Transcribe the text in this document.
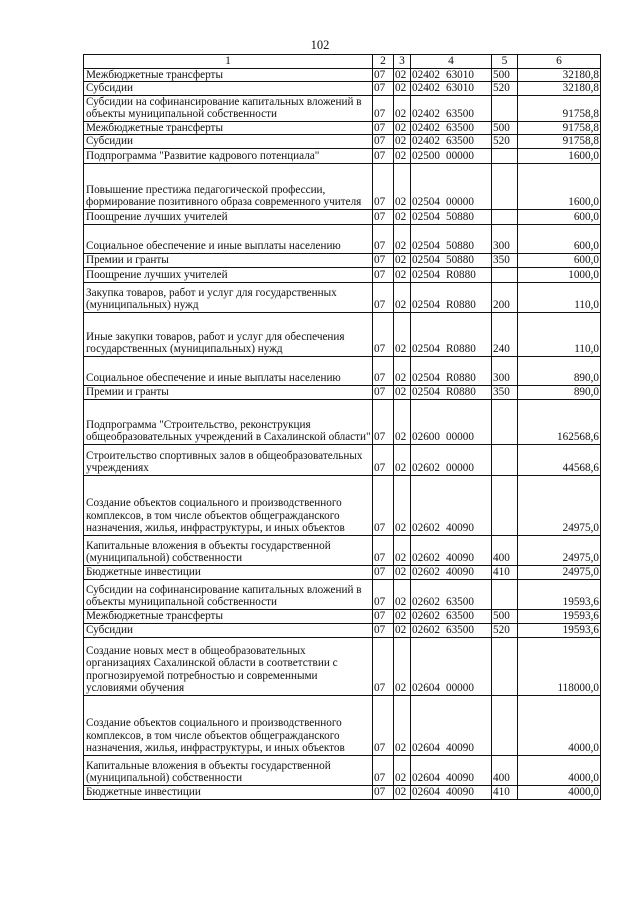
102
1	2	3	4	5	6
Межбюджетные трансферты	07	02	02402 63010	500	32180,8
Субсидии	07	02	02402 63010	520	32180,8
Субсидии на софинансирование капитальных вложений в объекты муниципальной собственности	07	02	02402 63500		91758,8
Межбюджетные трансферты	07	02	02402 63500	500	91758,8
Субсидии	07	02	02402 63500	520	91758,8
Подпрограмма "Развитие кадрового потенциала"	07	02	02500 00000		1600,0
Повышение престижа педагогической профессии, формирование позитивного образа современного учителя	07	02	02504 00000		1600,0
Поощрение лучших учителей	07	02	02504 50880		600,0
Социальное обеспечение и иные выплаты населению	07	02	02504 50880	300	600,0
Премии и гранты	07	02	02504 50880	350	600,0
Поощрение лучших учителей	07	02	02504 R0880		1000,0
Закупка товаров, работ и услуг для государственных (муниципальных) нужд	07	02	02504 R0880	200	110,0
Иные закупки товаров, работ и услуг для обеспечения государственных (муниципальных) нужд	07	02	02504 R0880	240	110,0
Социальное обеспечение и иные выплаты населению	07	02	02504 R0880	300	890,0
Премии и гранты	07	02	02504 R0880	350	890,0
Подпрограмма "Строительство, реконструкция общеобразовательных учреждений в Сахалинской области"	07	02	02600 00000		162568,6
Строительство спортивных залов в общеобразовательных учреждениях	07	02	02602 00000		44568,6
Создание объектов социального и производственного комплексов, в том числе объектов общегражданского назначения, жилья, инфраструктуры, и иных объектов	07	02	02602 40090		24975,0
Капитальные вложения в объекты государственной (муниципальной) собственности	07	02	02602 40090	400	24975,0
Бюджетные инвестиции	07	02	02602 40090	410	24975,0
Субсидии на софинансирование капитальных вложений в объекты муниципальной собственности	07	02	02602 63500		19593,6
Межбюджетные трансферты	07	02	02602 63500	500	19593,6
Субсидии	07	02	02602 63500	520	19593,6
Создание новых мест в общеобразовательных организациях Сахалинской области в соответствии с прогнозируемой потребностью и современными условиями обучения	07	02	02604 00000		118000,0
Создание объектов социального и производственного комплексов, в том числе объектов общегражданского назначения, жилья, инфраструктуры, и иных объектов	07	02	02604 40090		4000,0
Капитальные вложения в объекты государственной (муниципальной) собственности	07	02	02604 40090	400	4000,0
Бюджетные инвестиции	07	02	02604 40090	410	4000,0
